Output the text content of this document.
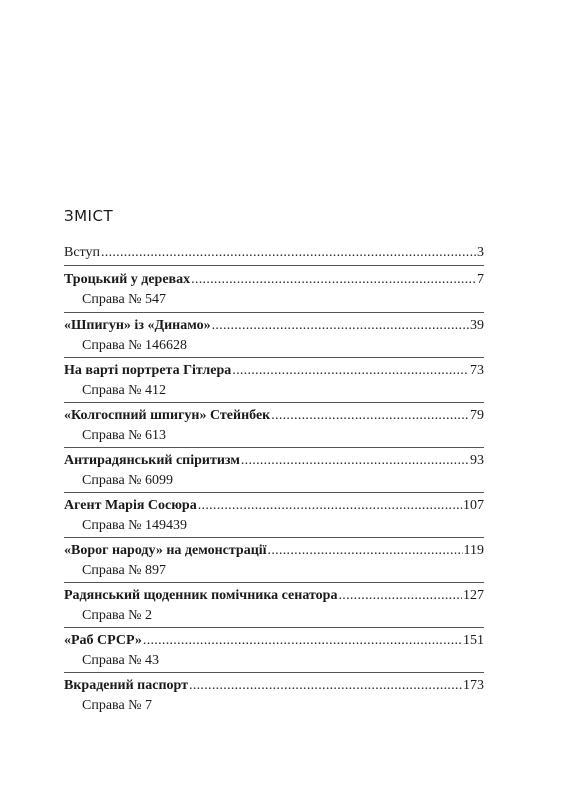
ЗМІСТ
Вступ .....	3
Троцький у деревах .....	7
Справа № 547
«Шпигун» із «Динамо» .....	39
Справа № 146628
На варті портрета Гітлера .....	73
Справа № 412
«Колгоспний шпигун» Стейнбек .....	79
Справа № 613
Антирадянський спіритизм .....	93
Справа № 6099
Агент Марія Сосюра .....	107
Справа № 149439
«Ворог народу» на демонстрації .....	119
Справа № 897
Радянський щоденник помічника сенатора .....	127
Справа № 2
«Раб СРСР» .....	151
Справа № 43
Вкрадений паспорт .....	173
Справа № 7
